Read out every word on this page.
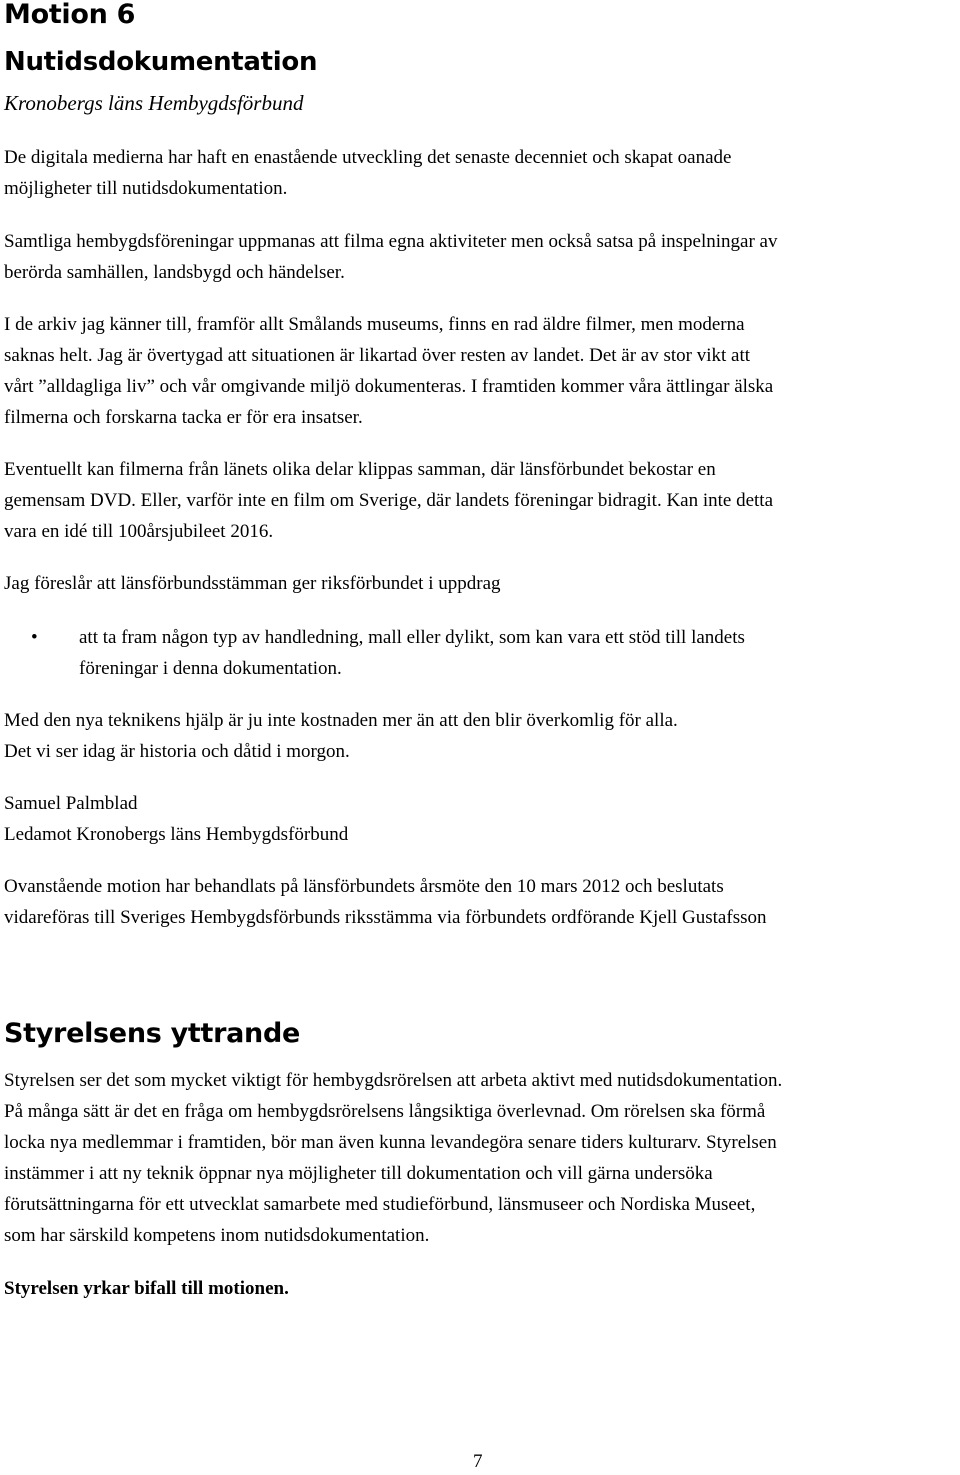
Motion 6
Nutidsdokumentation
Kronobergs läns Hembygdsförbund

De digitala medierna har haft en enastående utveckling det senaste decenniet och skapat oanade
möjligheter till nutidsdokumentation.

Samtliga hembygdsföreningar uppmanas att filma egna aktiviteter men också satsa på inspelningar av
berörda samhällen, landsbygd och händelser.

I de arkiv jag känner till, framför allt Smålands museums, finns en rad äldre filmer, men moderna
saknas helt. Jag är övertygad att situationen är likartad över resten av landet. Det är av stor vikt att
vårt ”alldagliga liv” och vår omgivande miljö dokumenteras. I framtiden kommer våra ättlingar älska
filmerna och forskarna tacka er för era insatser.

Eventuellt kan filmerna från länets olika delar klippas samman, där länsförbundet bekostar en
gemensam DVD. Eller, varför inte en film om Sverige, där landets föreningar bidragit. Kan inte detta
vara en idé till 100årsjubileet 2016.

Jag föreslår att länsförbundsstämman ger riksförbundet i uppdrag

• att ta fram någon typ av handledning, mall eller dylikt, som kan vara ett stöd till landets
föreningar i denna dokumentation.

Med den nya teknikens hjälp är ju inte kostnaden mer än att den blir överkomlig för alla.
Det vi ser idag är historia och dåtid i morgon.

Samuel Palmblad
Ledamot Kronobergs läns Hembygdsförbund

Ovanstående motion har behandlats på länsförbundets årsmöte den 10 mars 2012 och beslutats
vidareföras till Sveriges Hembygdsförbunds riksstämma via förbundets ordförande Kjell Gustafsson

Styrelsens yttrande

Styrelsen ser det som mycket viktigt för hembygdsrörelsen att arbeta aktivt med nutidsdokumentation.
På många sätt är det en fråga om hembygdsrörelsens långsiktiga överlevnad. Om rörelsen ska förmå
locka nya medlemmar i framtiden, bör man även kunna levandegöra senare tiders kulturarv. Styrelsen
instämmer i att ny teknik öppnar nya möjligheter till dokumentation och vill gärna undersöka
förutsättningarna för ett utvecklat samarbete med studieförbund, länsmuseer och Nordiska Museet,
som har särskild kompetens inom nutidsdokumentation.

Styrelsen yrkar bifall till motionen.

7
